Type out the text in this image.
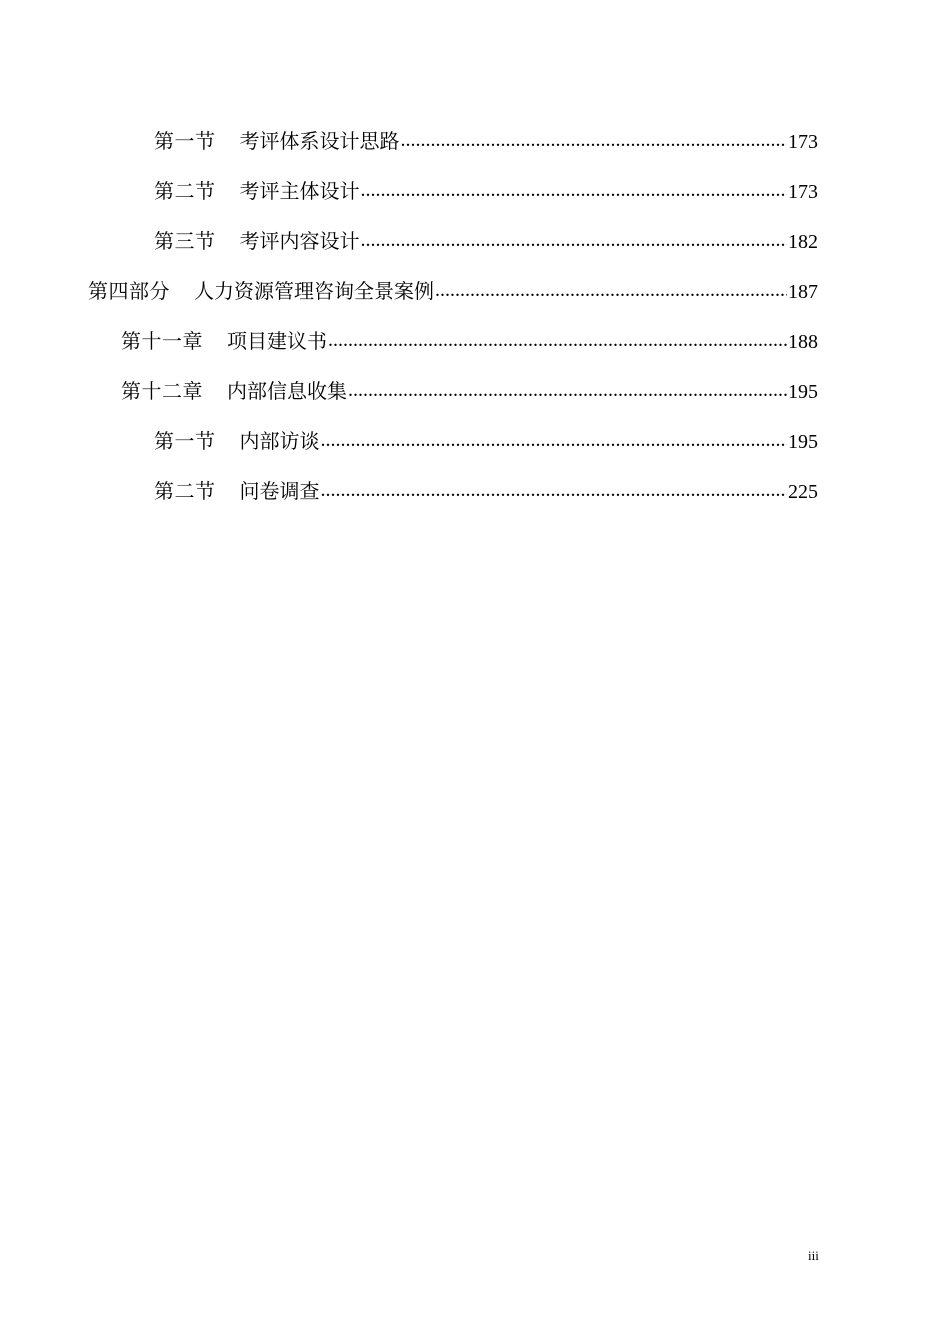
第一节 考评体系设计思路 .....	173
第二节 考评主体设计 .....	173
第三节 考评内容设计 .....	182
第四部分 人力资源管理咨询全景案例 .....	187
第十一章 项目建议书 .....	188
第十二章 内部信息收集 .....	195
第一节 内部访谈 .....	195
第二节 问卷调查 .....	225
iii
